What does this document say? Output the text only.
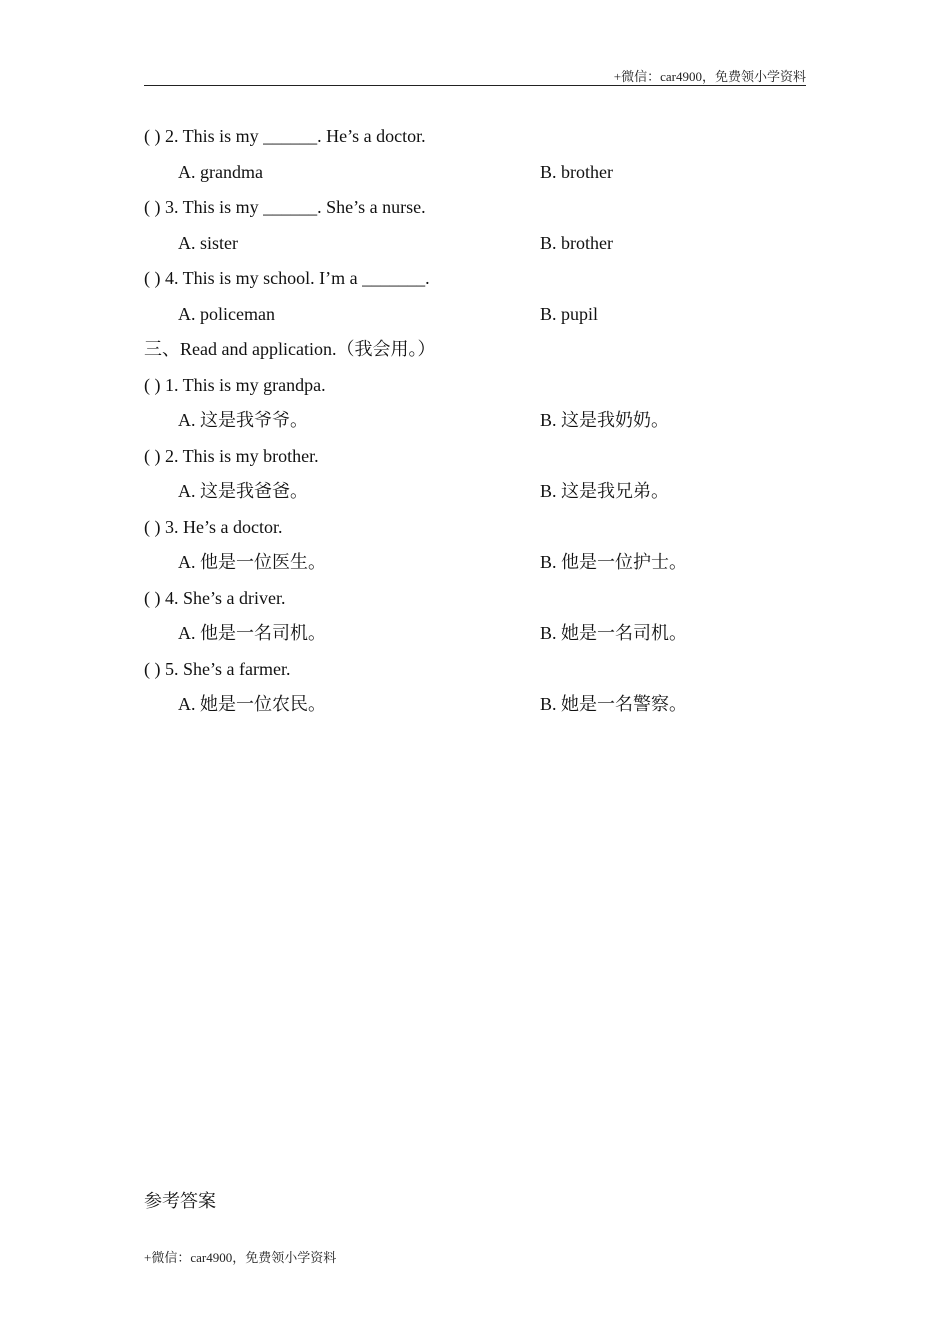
+微信：car4900，免费领小学资料
( ) 2. This is my ______. He’s a doctor.
A. grandma	B. brother
( ) 3. This is my ______. She’s a nurse.
A. sister	B. brother
( ) 4. This is my school. I’m a _______.
A. policeman	B. pupil
三、Read and application.（我会用。）
( ) 1. This is my grandpa.
A. 这是我爷爷。	B. 这是我奶奶。
( ) 2. This is my brother.
A. 这是我爸爸。	B. 这是我兄弟。
( ) 3. He’s a doctor.
A. 他是一位医生。	B. 他是一位护士。
( ) 4. She’s a driver.
A. 他是一名司机。	B. 她是一名司机。
( ) 5. She’s a farmer.
A. 她是一位农民。	B. 她是一名警察。
参考答案
+微信：car4900，免费领小学资料
